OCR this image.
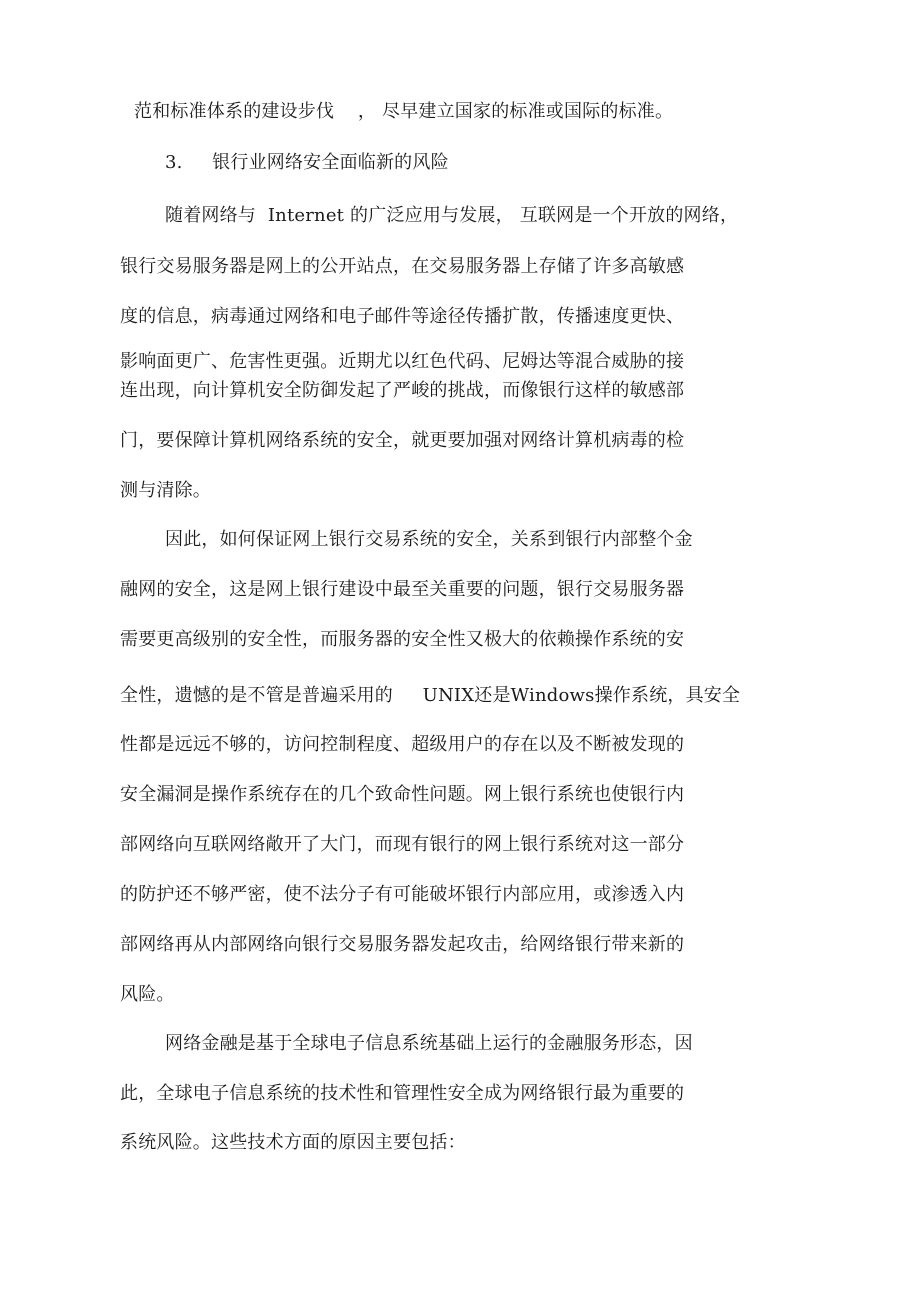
范和标准体系的建设步伐    ， 尽早建立国家的标准或国际的标准。
3.     银行业网络安全面临新的风险
随着网络与  Internet 的广泛应用与发展， 互联网是一个开放的网络，
银行交易服务器是网上的公开站点，在交易服务器上存储了许多高敏感
度的信息，病毒通过网络和电子邮件等途径传播扩散，传播速度更快、
影响面更广、危害性更强。近期尤以红色代码、尼姆达等混合威胁的接
连出现，向计算机安全防御发起了严峻的挑战，而像银行这样的敏感部
门，要保障计算机网络系统的安全，就更要加强对网络计算机病毒的检
测与清除。
因此，如何保证网上银行交易系统的安全，关系到银行内部整个金
融网的安全，这是网上银行建设中最至关重要的问题，银行交易服务器
需要更高级别的安全性，而服务器的安全性又极大的依赖操作系统的安
全性，遗憾的是不管是普遍采用的     UNIX还是Windows操作系统，具安全
性都是远远不够的，访问控制程度、超级用户的存在以及不断被发现的
安全漏洞是操作系统存在的几个致命性问题。网上银行系统也使银行内
部网络向互联网络敞开了大门，而现有银行的网上银行系统对这一部分
的防护还不够严密，使不法分子有可能破坏银行内部应用，或渗透入内
部网络再从内部网络向银行交易服务器发起攻击，给网络银行带来新的
风险。
网络金融是基于全球电子信息系统基础上运行的金融服务形态，因
此，全球电子信息系统的技术性和管理性安全成为网络银行最为重要的
系统风险。这些技术方面的原因主要包括：
